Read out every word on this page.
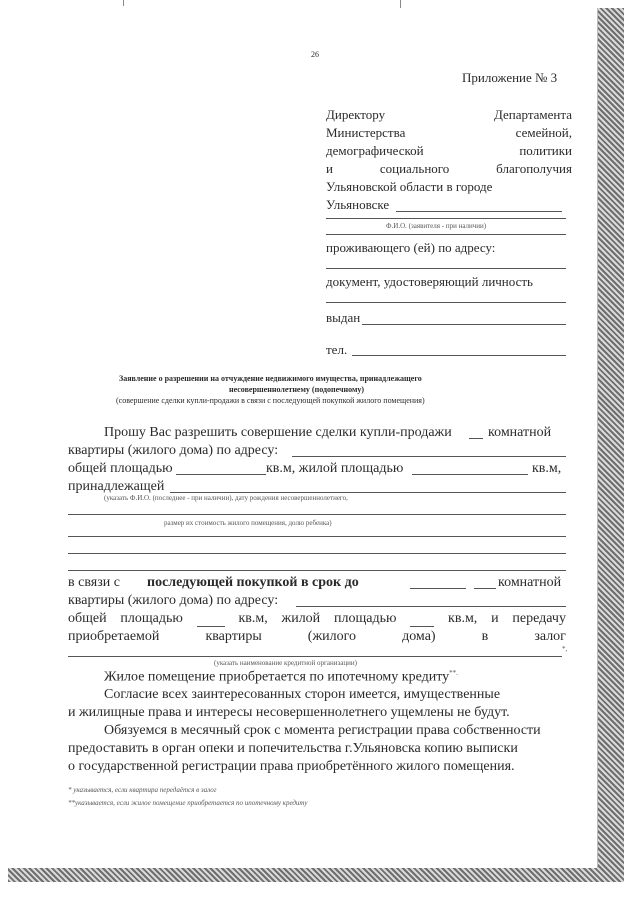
26
Приложение № 3
Директору	Департамента
Министерства	семейной,
демографической	политики
и	социального	благополучия
Ульяновской области в городе
Ульяновске
Ф.И.О. (заявителя - при наличии)
проживающего (ей) по адресу:
документ, удостоверяющий личность
выдан
тел.
Заявление о разрешении на отчуждение недвижимого имущества, принадлежащего
несовершеннолетнему (подопечному)
(совершение сделки купли-продажи в связи с последующей покупкой жилого помещения)
Прошу Вас разрешить совершение сделки купли-продажи	комнатной
квартиры (жилого дома) по адресу:
общей площадью	кв.м, жилой площадью	кв.м,
принадлежащей
(указать Ф.И.О. (последнее - при наличии), дату рождения несовершеннолетнего,
размер их стоимость жилого помещения, долю ребенка)
в связи с последующей покупкой в срок до	комнатной
квартиры (жилого дома) по адресу:
общей площадью	кв.м, жилой площадью	кв.м, и передачу
приобретаемой	квартиры	(жилого	дома)	в	залог
*,
(указать наименование кредитной организации)
Жилое помещение приобретается по ипотечному кредиту**.
Согласие всех заинтересованных сторон имеется, имущественные
и жилищные права и интересы несовершеннолетнего ущемлены не будут.
Обязуемся в месячный срок с момента регистрации права собственности
предоставить в орган опеки и попечительства г.Ульяновска копию выписки
о государственной регистрации права приобретённого жилого помещения.
* указывается, если квартира передаётся в залог
**указывается, если жилое помещение приобретается по ипотечному кредиту
